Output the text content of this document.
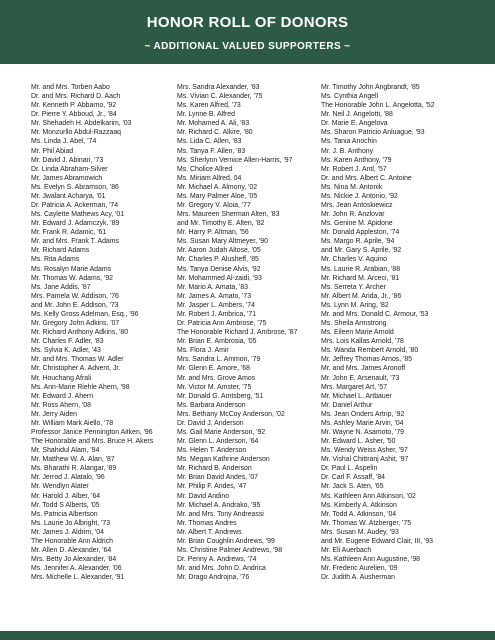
HONOR ROLL OF DONORS
~ ADDITIONAL VALUED SUPPORTERS ~
Mr. and Mrs. Torben Aabo
Dr. and Mrs. Richard D. Aach
Mr. Kenneth P. Abbarno, '92
Dr. Pierre Y. Abboud, Jr., '84
Mr. Shehadeh H. Abdelkarim, '03
Mr. Monzurllo Abdul-Razzaaq
Ms. Linda J. Abel, '74
Mr. Phil Abiad
Mr. David J. Abinari, '73
Dr. Linda Abraham-Silver
Mr. James Abramowich
Ms. Evelyn S. Abramson, '86
Mr. Jwalant Acharya, '01
Dr. Patricia A. Ackerman, '74
Ms. Caylette Mathews Acy, '01
Mr. Edward J. Adamczyk, '89
Mr. Frank R. Adamic, '61
Mr. and Mrs. Frank T. Adams
Mr. Richard Adams
Ms. Rita Adams
Ms. Rosalyn Marie Adams
Mr. Thomas W. Adams, '92
Ms. Jane Addis, '87
Mrs. Pamela W. Addison, '76
and Mr. John E. Addison, '73
Ms. Kelly Gross Adelman, Esq., '96
Mr. Gregory John Adkins, '07
Mr. Richard Anthony Adkins, '80
Mr. Charles F. Adler, '83
Ms. Sylvia K. Adler, '43
Mr. and Mrs. Thomas W. Adler
Mr. Christopher A. Advent, Jr.
Mr. Houchang Afrali
Ms. Ann-Marie Riehle Ahern, '98
Mr. Edward J. Ahern
Mr. Ross Ahern, '08
Mr. Jerry Aiden
Mr. William Mark Aiello, '78
Professor Janice Pennington Aitken, '96
The Honorable and Mrs. Bruce H. Akers
Mr. Shahidul Alam, '94
Mr. Matthew W. A. Alan, '87
Ms. Bharathi R. Alangar, '89
Mr. Jerrod J. Alatalo, '96
Mr. Wendlyn Alater
Mr. Harold J. Alber, '64
Mr. Todd S Alberts, '05
Ms. Patricia Albertson
Ms. Laurie Jo Albright, '73
Mr. James J. Aldrim, '04
The Honorable Ann Aldrich
Mr. Allen D. Alexander, '64
Mrs. Betty Jo Alexander, '84
Ms. Jennifer A. Alexander, '06
Mrs. Michelle L. Alexander, '91
Mrs. Sandra Alexander, '83
Ms. Vivian C. Alexander, '75
Ms. Karen Alfred, '73
Mr. Lynne B. Alfred
Mr. Mohamed A. Ali, '83
Mr. Richard C. Alkire, '80
Ms. Lida C. Allen, '83
Ms. Tanya F. Allen, '83
Ms. Sherlynn Vernice Allen-Harris, '97
Ms. Cholice Allred
Ms. Miriam Allred, 04
Mr. Michael A. Almony, '02
Ms. Mary Palmer Aloe, '05
Mr. Gregory V. Aloia, '77
Mrs. Maureen Sherman Alten, '83
and Mr. Timothy E. Alten, '82
Mr. Harry P. Altman, '56
Ms. Susan Mary Altmeyer, '90
Mr. Aaron Judah Altose, '05
Mr. Charles P. Alusheff, '85
Ms. Tanya Denise Alvis, '92
Mr. Mohammed Al-zaidi, '93
Mr. Mario A. Amata, '83
Mr. James A. Amato, '73
Mr. Jasper L. Ambers, '74
Mr. Robert J. Ambrica, '71
Dr. Patricia Ann Ambrose, '75
The Honorable Richard J. Ambrose, '87
Mr. Brian E. Ambrosia, '05
Ms. Flora J. Amir
Mrs. Sandra L. Ammon, '79
Mr. Glenn E. Amore, '68
Mr. and Mrs. Grove Amos
Mr. Victor M. Amster, '75
Mr. Donald G. Amtsberg, '51
Ms. Barbara Anderson
Mrs. Bethany McCoy Anderson, '02
Dr. David J. Anderson
Ms. Gail Marie Anderson, '92
Mr. Glenn L. Anderson, '64
Ms. Helen T. Anderson
Ms. Megan Kathrine Anderson
Mr. Richard B. Anderson
Mr. Brian David Andes, '07
Mr. Philip F. Andes, '47
Mr. David Andino
Mr. Michael A. Andrako, '95
Mr. and Mrs. Tony Andreassi
Mr. Thomas Andres
Mr. Albert T. Andrews
Mr. Brian Coughlin Andrews, '99
Ms. Christine Palmer Andrews, '98
Dr. Penny A. Andrews, '74
Mr. and Mrs. John D. Andrica
Mr. Drago Androjna, '76
Mr. Timothy John Angbrandt, '85
Ms. Cynthia Angell
The Honorable John L. Angelotta, '52
Mr. Neil J. Angelotti, '88
Dr. Marie E. Angelova
Ms. Sharon Patricio Anluague, '93
Ms. Tania Anochin
Mr. J. B. Anthony
Ms. Karen Anthony, '79
Mr. Robert J. Antl, '57
Dr. and Mrs. Albert C. Antoine
Ms. Nina M. Antonik
Ms. Nickie J. Antonio, '92
Mrs. Jean Antoskiewicz
Mr. John R. Anzlovar
Ms. Genine M. Apidone
Mr. Donald Appleston, '74
Ms. Margo R. Aprile, '94
and Mr. Gary S. Aprile, '92
Mr. Charles V. Aquino
Ms. Laurie R. Arabian, '88
Mr. Richard M. Arceci, '81
Ms. Serreta Y. Archer
Mr. Albert M. Arida, Jr., '86
Ms. Lynn M. Aring, '82
Mr. and Mrs. Donald C. Armour, '53
Ms. Sheila Armstrong
Ms. Eileen Marie Arnold
Mrs. Lois Kallas Arnold, '78
Ms. Wanda Rembert Arnold, '80
Mr. Jeffrey Thomas Arnos, '85
Mr. and Mrs. James Aronoff
Mr. John E. Arsenault, '73
Mrs. Margaret Art, '57
Mr. Michael L. Artbauer
Mr. Daniel Arthur
Ms. Jean Onders Artrip, '92
Ms. Ashley Marie Arvin, '04
Mr. Wayne N. Asamoto, '79
Mr. Edward L. Asher, '50
Ms. Wendy Weiss Asher, '97
Mr. Vishal Chittranj Ashit, '97
Dr. Paul L. Aspelin
Dr. Carl F. Assaff, '84
Mr. Jack S. Aten, '65
Ms. Kathleen Ann Atkinson, '02
Ms. Kimberly A. Atkinson
Mr. Todd A. Atkinson, '04
Mr. Thomas W. Atzberger, '75
Mrs. Susan M. Audey, '93
and Mr. Eugene Edward Clair, III, '93
Mr. Eli Auerbach
Ms. Kathleen Ann Augustine, '98
Mr. Frederic Aurelien, '09
Dr. Judith A. Ausherman
